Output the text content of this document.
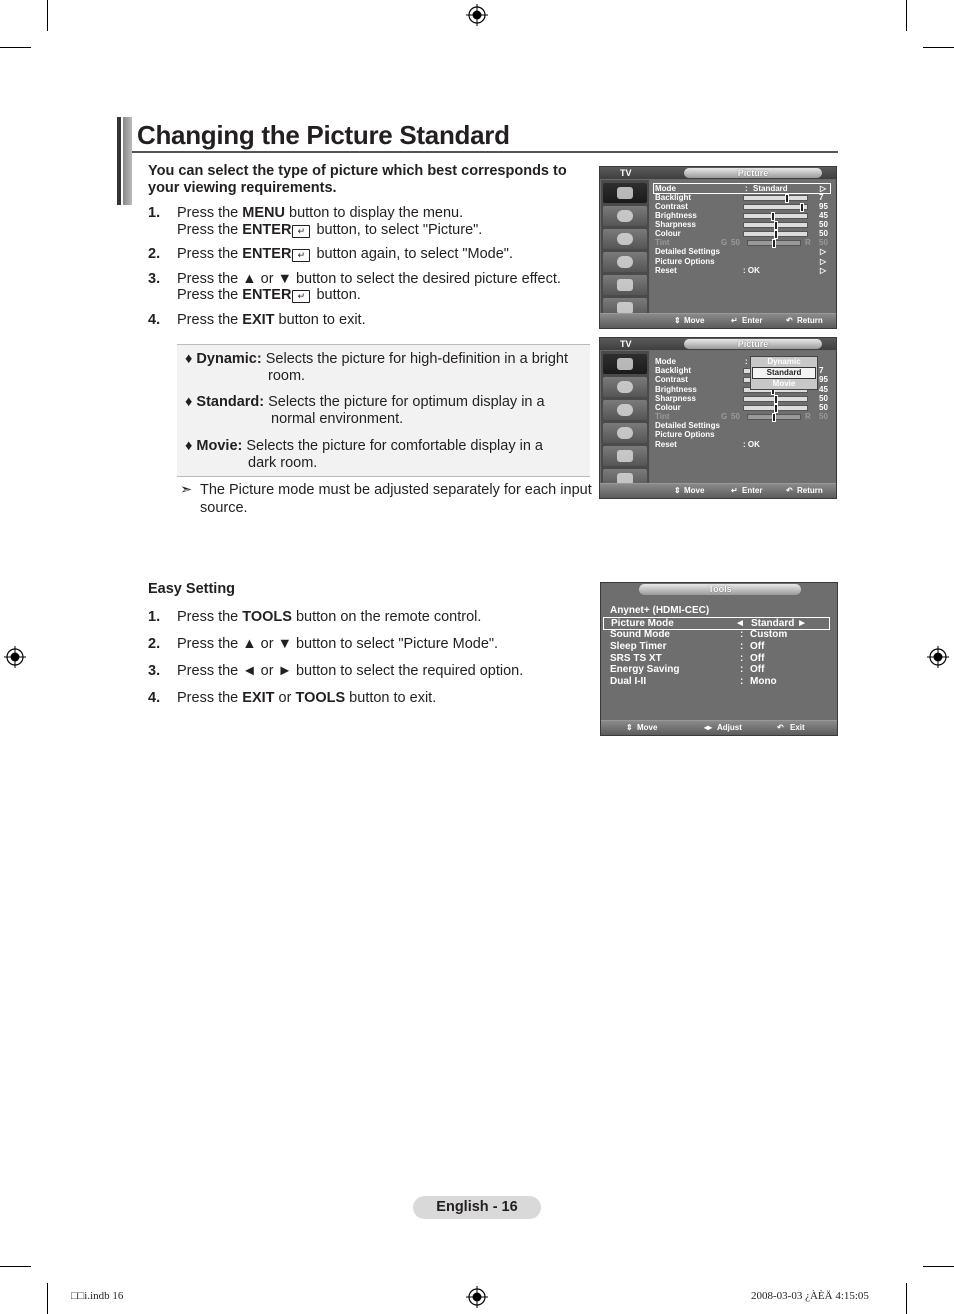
Changing the Picture Standard
You can select the type of picture which best corresponds to your viewing requirements.
1. Press the MENU button to display the menu.
Press the ENTER ↵ button, to select "Picture".
2. Press the ENTER ↵ button again, to select "Mode".
3. Press the ▲ or ▼ button to select the desired picture effect.
Press the ENTER ↵ button.
4. Press the EXIT button to exit.
♦ Dynamic: Selects the picture for high-definition in a bright
room.
♦ Standard: Selects the picture for optimum display in a
normal environment.
♦ Movie: Selects the picture for comfortable display in a
dark room.
➣ The Picture mode must be adjusted separately for each input source.
Easy Setting
1. Press the TOOLS button on the remote control.
2. Press the ▲ or ▼ button to select "Picture Mode".
3. Press the ◄ or ► button to select the required option.
4. Press the EXIT or TOOLS button to exit.
TV	Picture
Mode	: Standard	▷
Backlight	7
Contrast	95
Brightness	45
Sharpness	50
Colour	50
Tint	G 50	R 50
Detailed Settings	▷
Picture Options	▷
Reset	: OK	▷
⇕ Move	↵ Enter	↶ Return
TV	Picture
Mode	:
Backlight	7
Contrast	95
Brightness	45
Sharpness	50
Colour	50
Tint	G 50	R 50
Detailed Settings
Picture Options
Reset	: OK
Dynamic
Standard
Movie
⇕ Move	↵ Enter	↶ Return
Tools
Anynet+ (HDMI-CEC)
Picture Mode	◄ Standard ►
Sound Mode	: Custom
Sleep Timer	: Off
SRS TS XT	: Off
Energy Saving	: Off
Dual I-II	: Mono
⇕ Move	◂▸ Adjust	↶ Exit
English - 16
□□i.indb 16	2008-03-03 ¿ÀÈÄ 4:15:05
